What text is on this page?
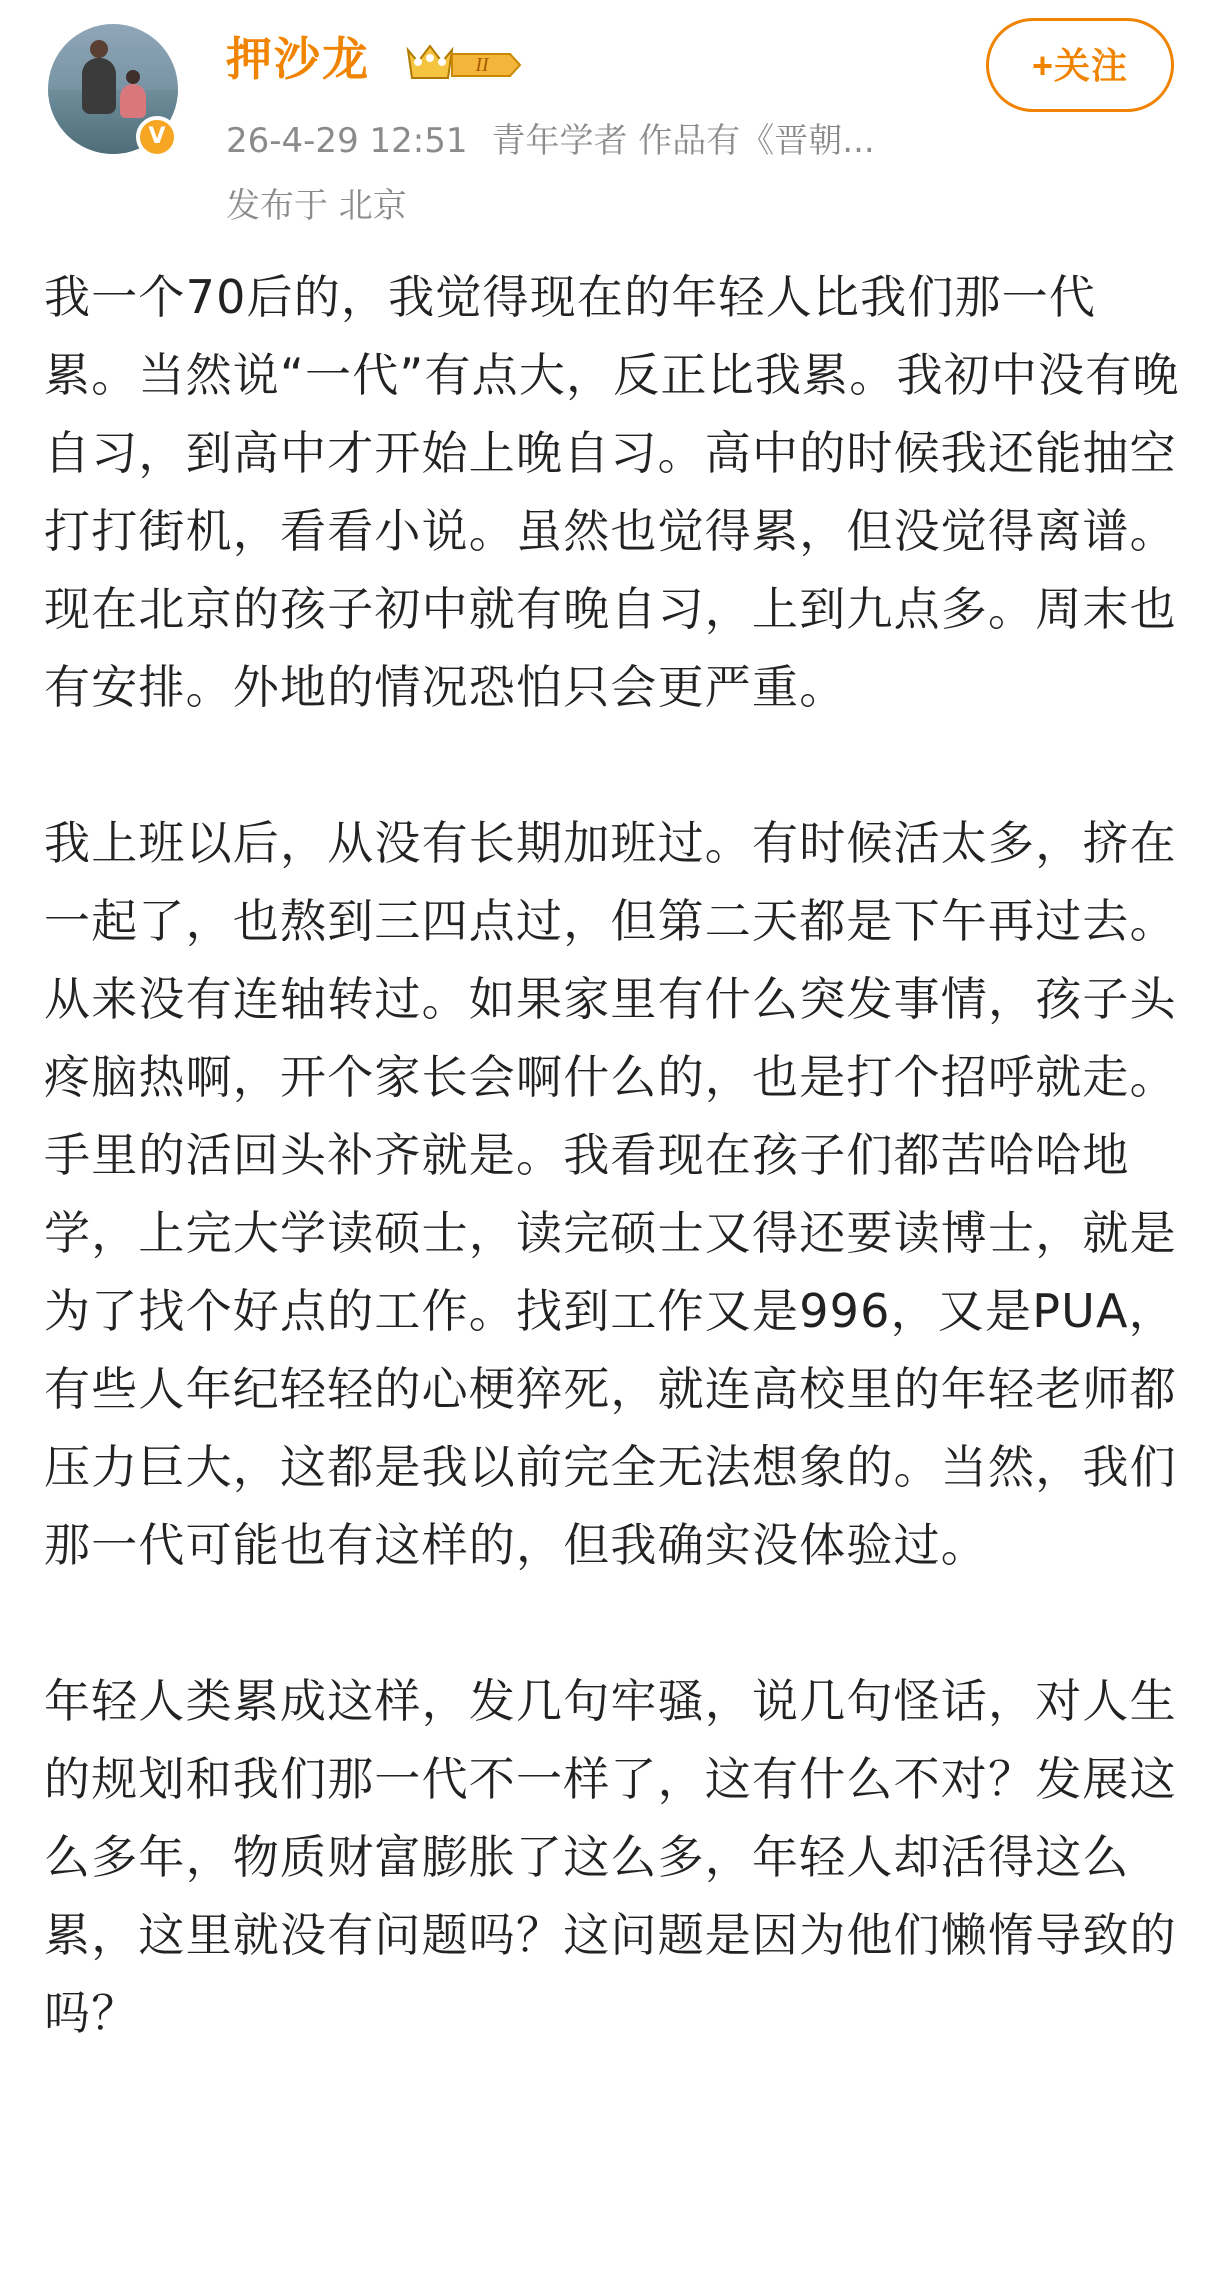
V
押沙龙	II
26-4-29 12:51 青年学者 作品有《晋朝...
发布于 北京
+关注

我一个70后的，我觉得现在的年轻人比我们那一代累。当然说“一代”有点大，反正比我累。我初中没有晚自习，到高中才开始上晚自习。高中的时候我还能抽空打打街机，看看小说。虽然也觉得累，但没觉得离谱。现在北京的孩子初中就有晚自习，上到九点多。周末也有安排。外地的情况恐怕只会更严重。

我上班以后，从没有长期加班过。有时候活太多，挤在一起了，也熬到三四点过，但第二天都是下午再过去。从来没有连轴转过。如果家里有什么突发事情，孩子头疼脑热啊，开个家长会啊什么的，也是打个招呼就走。手里的活回头补齐就是。我看现在孩子们都苦哈哈地学，上完大学读硕士，读完硕士又得还要读博士，就是为了找个好点的工作。找到工作又是996，又是PUA，有些人年纪轻轻的心梗猝死，就连高校里的年轻老师都压力巨大，这都是我以前完全无法想象的。当然，我们那一代可能也有这样的，但我确实没体验过。

年轻人类累成这样，发几句牢骚，说几句怪话，对人生的规划和我们那一代不一样了，这有什么不对？发展这么多年，物质财富膨胀了这么多，年轻人却活得这么累，这里就没有问题吗？这问题是因为他们懒惰导致的吗？
